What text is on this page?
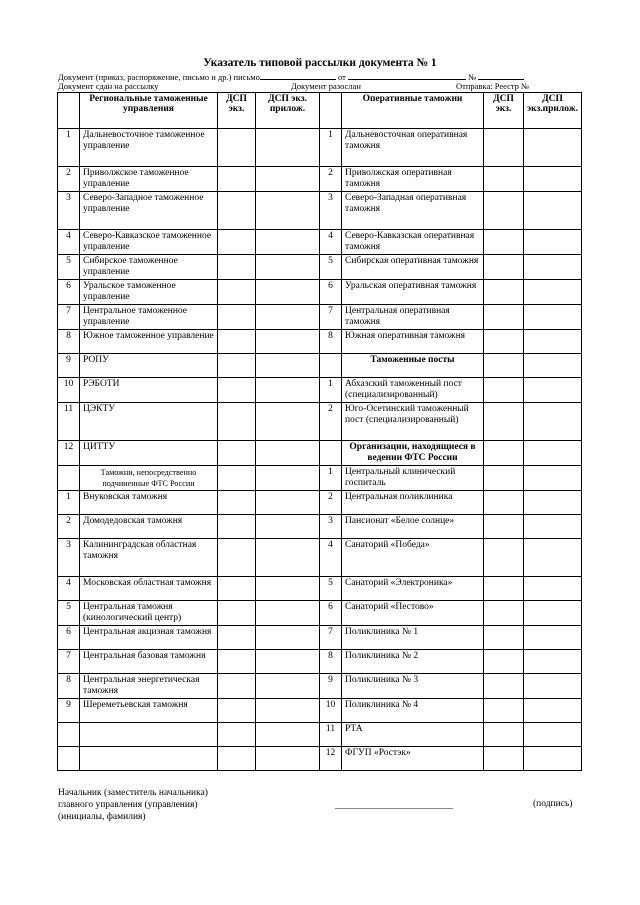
Указатель типовой рассылки документа № 1
Документ (приказ, распоряжение, письмо и др.) письмо	от	№
Документ сдан на рассылку	Документ разослан	Отправка: Реестр №
	Региональные таможенные управления	ДСП экз.	ДСП экз. прилож.		Оперативные таможни	ДСП экз.	ДСП экз.прилож.
1	Дальневосточное таможенное управление			1	Дальневосточная оперативная таможня		
2	Приволжское таможенное управление			2	Приволжская оперативная таможня		
3	Северо-Западное таможенное управление			3	Северо-Западная оперативная таможня		
4	Северо-Кавказское таможенное управление			4	Северо-Кавказская оперативная таможня		
5	Сибирское таможенное управление			5	Сибирская оперативная таможня		
6	Уральское таможенное управление			6	Уральская оперативная таможня		
7	Центральное таможенное управление			7	Центральная оперативная таможня		
8	Южное таможенное управление			8	Южная оперативная таможня		
9	РОПУ				Таможенные посты		
10	РЭБОТИ			1	Абхазский таможенный пост (специализированный)		
11	ЦЭКТУ			2	Юго-Осетинский таможенный пост (специализированный)		
12	ЦИТТУ				Организации, находящиеся в ведении ФТС России		
	Таможни, непосредственно подчиненные ФТС России			1	Центральный клинический госпиталь		
1	Внуковская таможня			2	Центральная поликлиника		
2	Домодедовская таможня			3	Пансионат «Белое солнце»		
3	Калининградская областная таможня			4	Санаторий «Победа»		
4	Московская областная таможня			5	Санаторий «Электроника»		
5	Центральная таможня (кинологический центр)			6	Санаторий «Пестово»		
6	Центральная акцизная таможня			7	Поликлиника № 1		
7	Центральная базовая таможня			8	Поликлиника № 2		
8	Центральная энергетическая таможня			9	Поликлиника № 3		
9	Шереметьевская таможня			10	Поликлиника № 4		
				11	РТА		
				12	ФГУП «Ростэк»		
Начальник (заместитель начальника)
главного управления (управления)
(инициалы, фамилия)
(подпись)
